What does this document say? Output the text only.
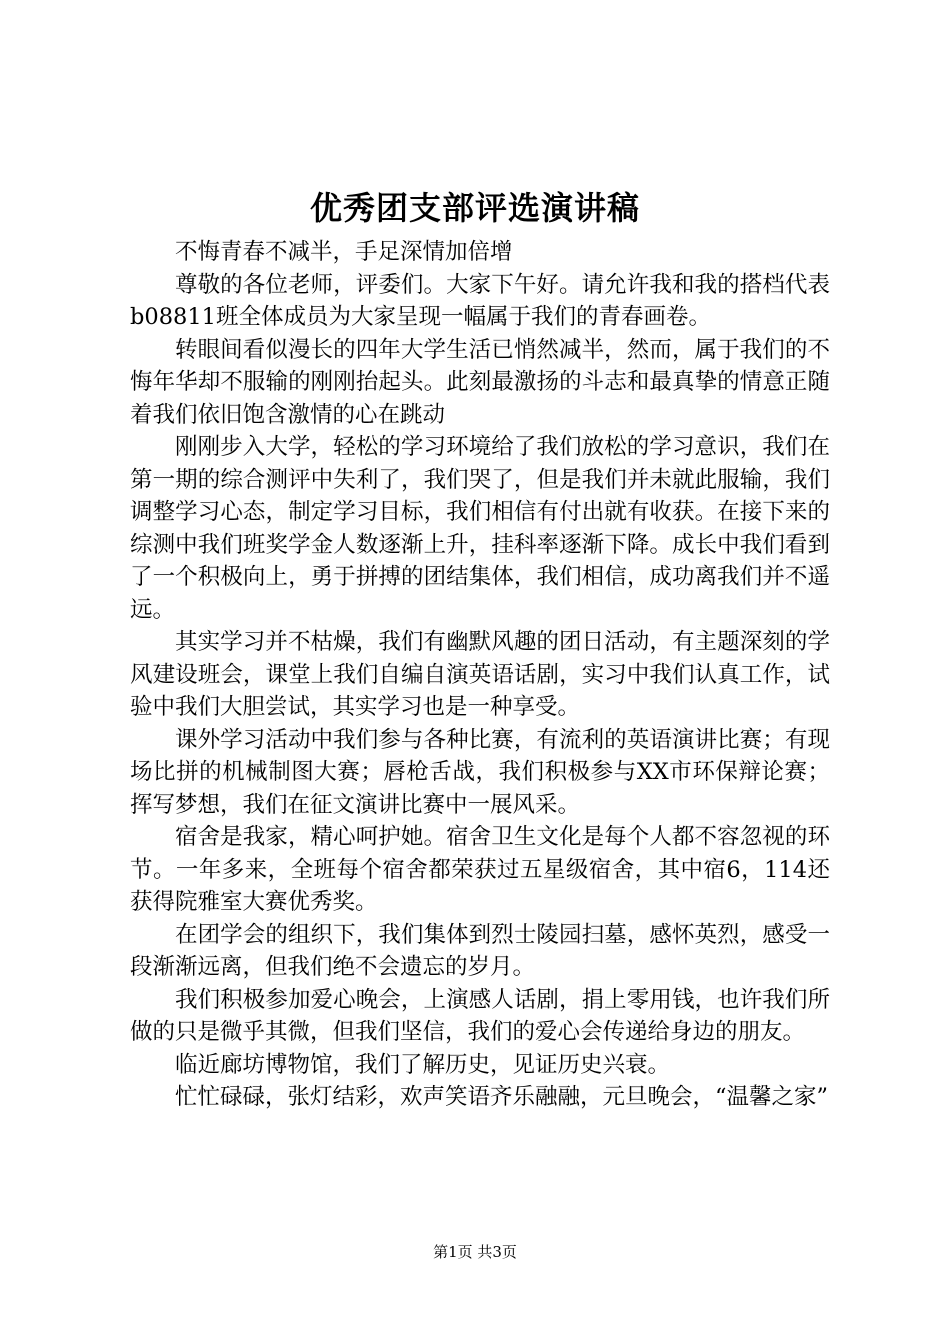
优秀团支部评选演讲稿

不悔青春不减半，手足深情加倍增

尊敬的各位老师，评委们。大家下午好。请允许我和我的搭档代表b08811班全体成员为大家呈现一幅属于我们的青春画卷。

转眼间看似漫长的四年大学生活已悄然减半，然而，属于我们的不悔年华却不服输的刚刚抬起头。此刻最激扬的斗志和最真挚的情意正随着我们依旧饱含激情的心在跳动

刚刚步入大学，轻松的学习环境给了我们放松的学习意识，我们在第一期的综合测评中失利了，我们哭了，但是我们并未就此服输，我们调整学习心态，制定学习目标，我们相信有付出就有收获。在接下来的综测中我们班奖学金人数逐渐上升，挂科率逐渐下降。成长中我们看到了一个积极向上，勇于拼搏的团结集体，我们相信，成功离我们并不遥远。

其实学习并不枯燥，我们有幽默风趣的团日活动，有主题深刻的学风建设班会，课堂上我们自编自演英语话剧，实习中我们认真工作，试验中我们大胆尝试，其实学习也是一种享受。

课外学习活动中我们参与各种比赛，有流利的英语演讲比赛；有现场比拼的机械制图大赛；唇枪舌战，我们积极参与XX市环保辩论赛；挥写梦想，我们在征文演讲比赛中一展风采。

宿舍是我家，精心呵护她。宿舍卫生文化是每个人都不容忽视的环节。一年多来，全班每个宿舍都荣获过五星级宿舍，其中宿6，114还获得院雅室大赛优秀奖。

在团学会的组织下，我们集体到烈士陵园扫墓，感怀英烈，感受一段渐渐远离，但我们绝不会遗忘的岁月。

我们积极参加爱心晚会，上演感人话剧，捐上零用钱，也许我们所做的只是微乎其微，但我们坚信，我们的爱心会传递给身边的朋友。

临近廊坊博物馆，我们了解历史，见证历史兴衰。

忙忙碌碌，张灯结彩，欢声笑语齐乐融融，元旦晚会，“温馨之家”

第1页 共3页
